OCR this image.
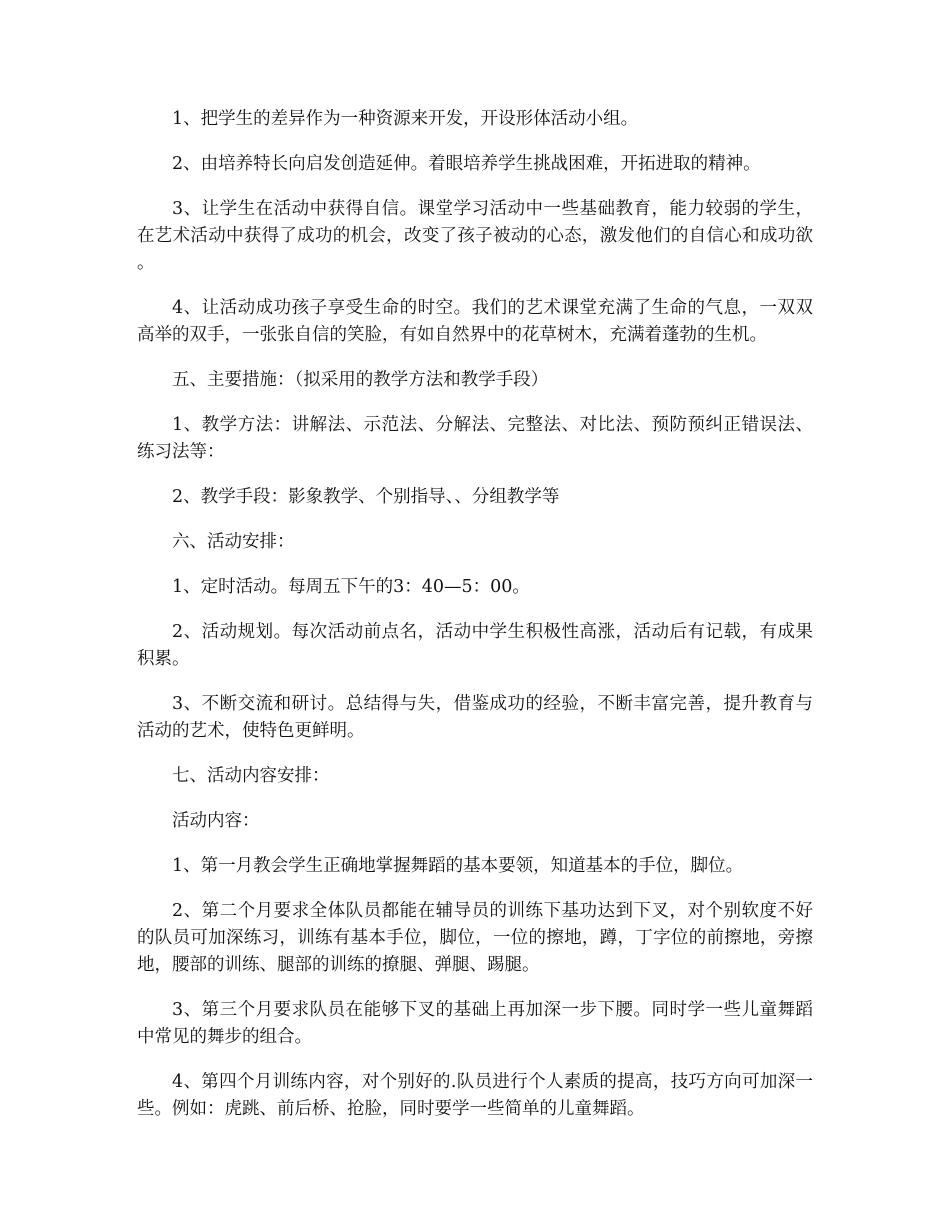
1、把学生的差异作为一种资源来开发，开设形体活动小组。

2、由培养特长向启发创造延伸。着眼培养学生挑战困难，开拓进取的精神。

3、让学生在活动中获得自信。课堂学习活动中一些基础教育，能力较弱的学生，在艺术活动中获得了成功的机会，改变了孩子被动的心态，激发他们的自信心和成功欲。

4、让活动成功孩子享受生命的时空。我们的艺术课堂充满了生命的气息，一双双高举的双手，一张张自信的笑脸，有如自然界中的花草树木，充满着蓬勃的生机。

五、主要措施：（拟采用的教学方法和教学手段）

1、教学方法：讲解法、示范法、分解法、完整法、对比法、预防预纠正错误法、练习法等：

2、教学手段：影象教学、个别指导、、分组教学等

六、活动安排：

1、定时活动。每周五下午的3：40—5：00。

2、活动规划。每次活动前点名，活动中学生积极性高涨，活动后有记载，有成果积累。

3、不断交流和研讨。总结得与失，借鉴成功的经验，不断丰富完善，提升教育与活动的艺术，使特色更鲜明。

七、活动内容安排：

活动内容：

1、第一月教会学生正确地掌握舞蹈的基本要领，知道基本的手位，脚位。

2、第二个月要求全体队员都能在辅导员的训练下基功达到下叉，对个别软度不好的队员可加深练习，训练有基本手位，脚位，一位的擦地，蹲，丁字位的前擦地，旁擦地，腰部的训练、腿部的训练的撩腿、弹腿、踢腿。

3、第三个月要求队员在能够下叉的基础上再加深一步下腰。同时学一些儿童舞蹈中常见的舞步的组合。

4、第四个月训练内容，对个别好的.队员进行个人素质的提高，技巧方向可加深一些。例如：虎跳、前后桥、抢脸，同时要学一些简单的儿童舞蹈。
